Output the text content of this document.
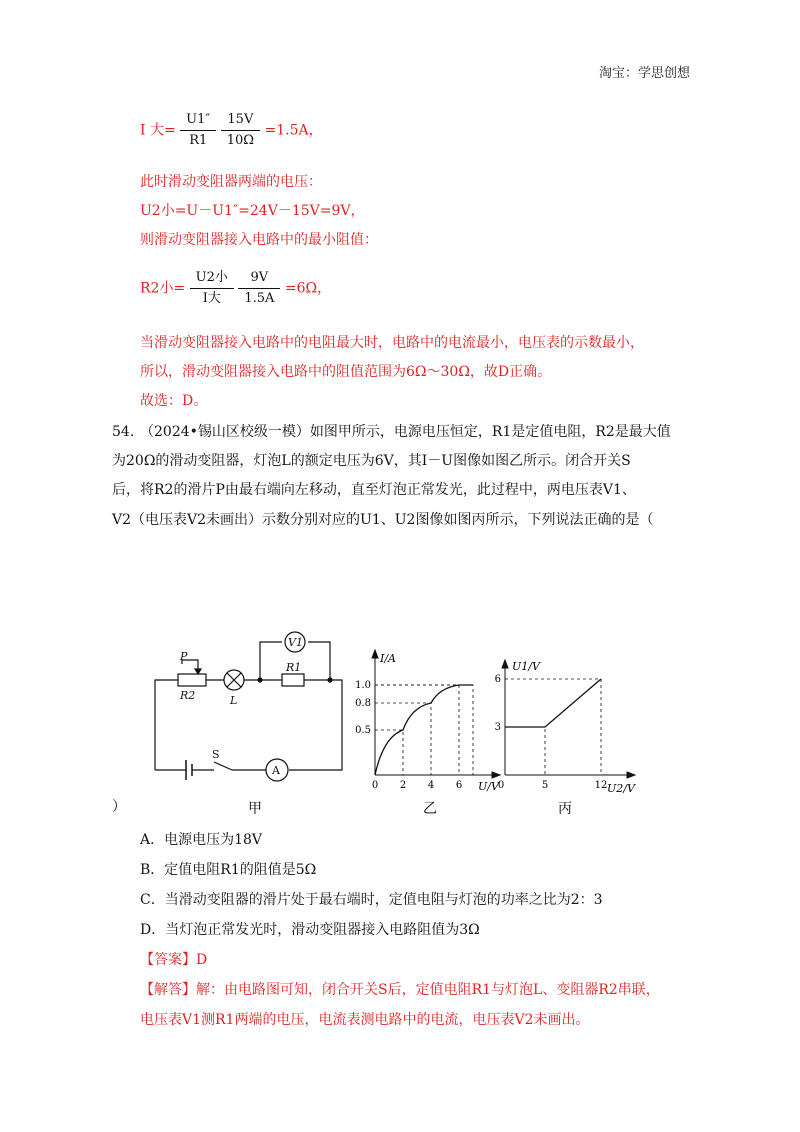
淘宝：学思创想
I 大= $\frac{U1''}{R1}$
$\frac{15V}{10\Omega} =1.5A$，
此时滑动变阻器两端的电压：
U2小=U－U1″=24V－15V=9V，
则滑动变阻器接入电路中的最小阻值：
R2小= $\frac{\text{U2小}}{\text{I大}}$
$\frac{9V}{1.5A} =6\Omega$，
当滑动变阻器接入电路中的电阻最大时，电路中的电流最小，电压表的示数最小，
所以，滑动变阻器接入电路中的阻值范围为6Ω～30Ω，故D正确。
故选：D。
54. （2024•锡山区校级一模）如图甲所示，电源电压恒定，R1是定值电阻，R2是最大值
为20Ω的滑动变阻器，灯泡L的额定电压为6V，其I－U图像如图乙所示。闭合开关S
后，将R2的滑片P由最右端向左移动，直至灯泡正常发光，此过程中，两电压表V1、
V2（电压表V2未画出）示数分别对应的U1、U2图像如图丙所示，下列说法正确的是（
P
R2	L
R1
V1
S
A
甲
0 2 4 6
1.0
0.8
0.5
I/A
U/V
乙
5	12
6
3
0
U1/V
U2/V
丙
）
A．电源电压为18V
B．定值电阻R1的阻值是5Ω
C．当滑动变阻器的滑片处于最右端时，定值电阻与灯泡的功率之比为2：3
D．当灯泡正常发光时，滑动变阻器接入电路阻值为3Ω
【答案】D
【解答】解：由电路图可知，闭合开关S后，定值电阻R1与灯泡L、变阻器R2串联，
电压表V1测R1两端的电压，电流表测电路中的电流，电压表V2未画出。
